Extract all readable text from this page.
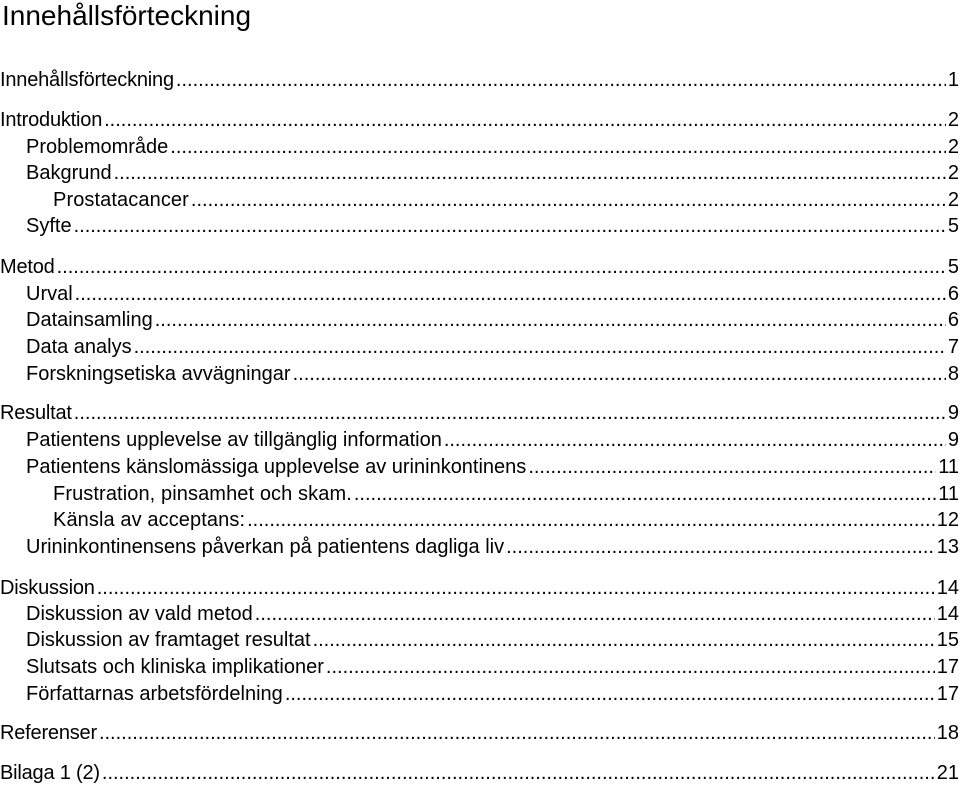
Innehållsförteckning
Innehållsförteckning .....	1
Introduktion .....	2
Problemområde .....	2
Bakgrund .....	2
Prostatacancer .....	2
Syfte .....	5
Metod .....	5
Urval .....	6
Datainsamling .....	6
Data analys .....	7
Forskningsetiska avvägningar .....	8
Resultat .....	9
Patientens upplevelse av tillgänglig information .....	9
Patientens känslomässiga upplevelse av urininkontinens .....	11
Frustration, pinsamhet och skam. .....	11
Känsla av acceptans: .....	12
Urininkontinensens påverkan på patientens dagliga liv .....	13
Diskussion .....	14
Diskussion av vald metod .....	14
Diskussion av framtaget resultat .....	15
Slutsats och kliniska implikationer .....	17
Författarnas arbetsfördelning .....	17
Referenser .....	18
Bilaga 1 (2) .....	21
